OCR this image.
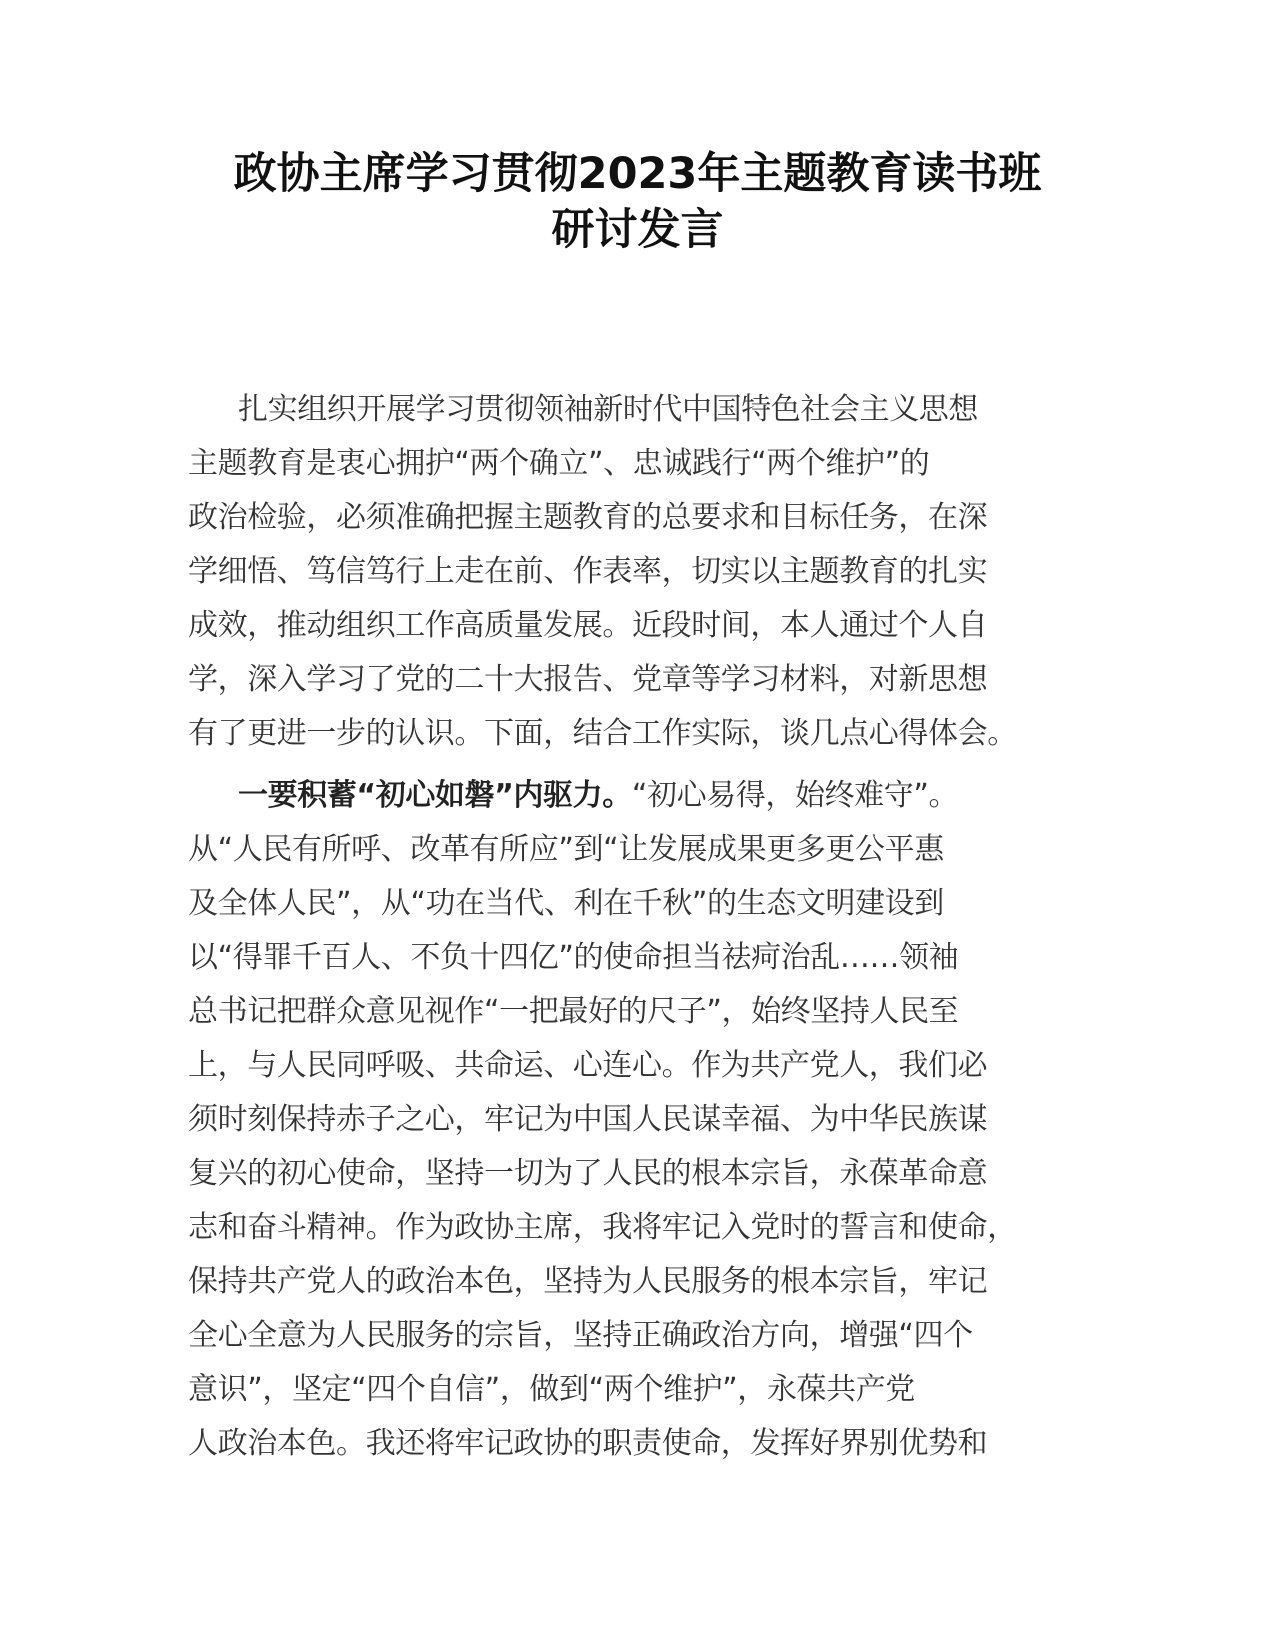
政协主席学习贯彻2023年主题教育读书班
研讨发言

扎实组织开展学习贯彻领袖新时代中国特色社会主义思想
主题教育是衷心拥护“两个确立”、忠诚践行“两个维护”的
政治检验，必须准确把握主题教育的总要求和目标任务，在深
学细悟、笃信笃行上走在前、作表率，切实以主题教育的扎实
成效，推动组织工作高质量发展。近段时间，本人通过个人自
学，深入学习了党的二十大报告、党章等学习材料，对新思想
有了更进一步的认识。下面，结合工作实际，谈几点心得体会。

一要积蓄“初心如磐”内驱力。“初心易得，始终难守”。
从“人民有所呼、改革有所应”到“让发展成果更多更公平惠
及全体人民”，从“功在当代、利在千秋”的生态文明建设到
以“得罪千百人、不负十四亿”的使命担当祛疴治乱……领袖
总书记把群众意见视作“一把最好的尺子”，始终坚持人民至
上，与人民同呼吸、共命运、心连心。作为共产党人，我们必
须时刻保持赤子之心，牢记为中国人民谋幸福、为中华民族谋
复兴的初心使命，坚持一切为了人民的根本宗旨，永葆革命意
志和奋斗精神。作为政协主席，我将牢记入党时的誓言和使命，
保持共产党人的政治本色，坚持为人民服务的根本宗旨，牢记
全心全意为人民服务的宗旨，坚持正确政治方向，增强“四个
意识”，坚定“四个自信”，做到“两个维护”，永葆共产党
人政治本色。我还将牢记政协的职责使命，发挥好界别优势和
